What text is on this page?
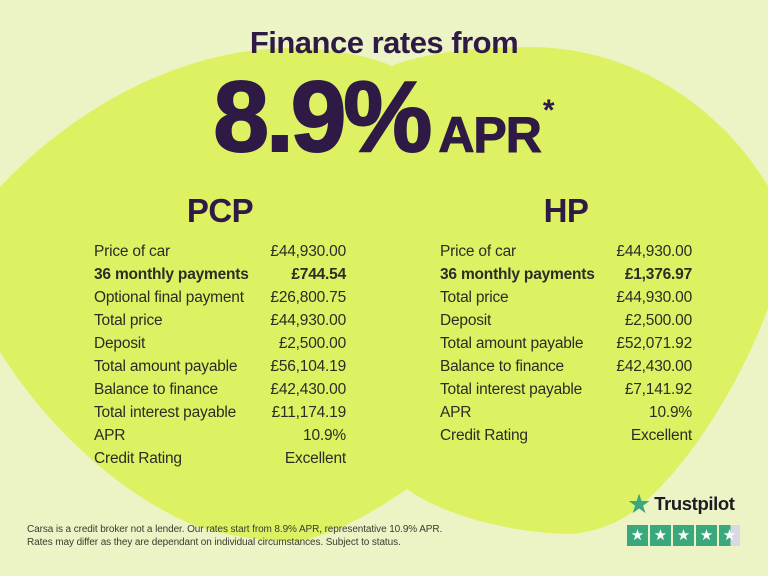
Finance rates from
8.9% APR *
PCP
Price of car	£44,930.00
36 monthly payments	£744.54
Optional final payment £26,800.75
Total price	£44,930.00
Deposit	£2,500.00
Total amount payable £56,104.19
Balance to finance	£42,430.00
Total interest payable £11,174.19
APR	10.9%
Credit Rating	Excellent
HP
Price of car	£44,930.00
36 monthly payments £1,376.97
Total price	£44,930.00
Deposit	£2,500.00
Total amount payable £52,071.92
Balance to finance	£42,430.00
Total interest payable	£7,141.92
APR	10.9%
Credit Rating	Excellent
Carsa is a credit broker not a lender. Our rates start from 8.9% APR, representative 10.9% APR.
Rates may differ as they are dependant on individual circumstances. Subject to status.
★ Trustpilot
★ ★ ★ ★ ★
